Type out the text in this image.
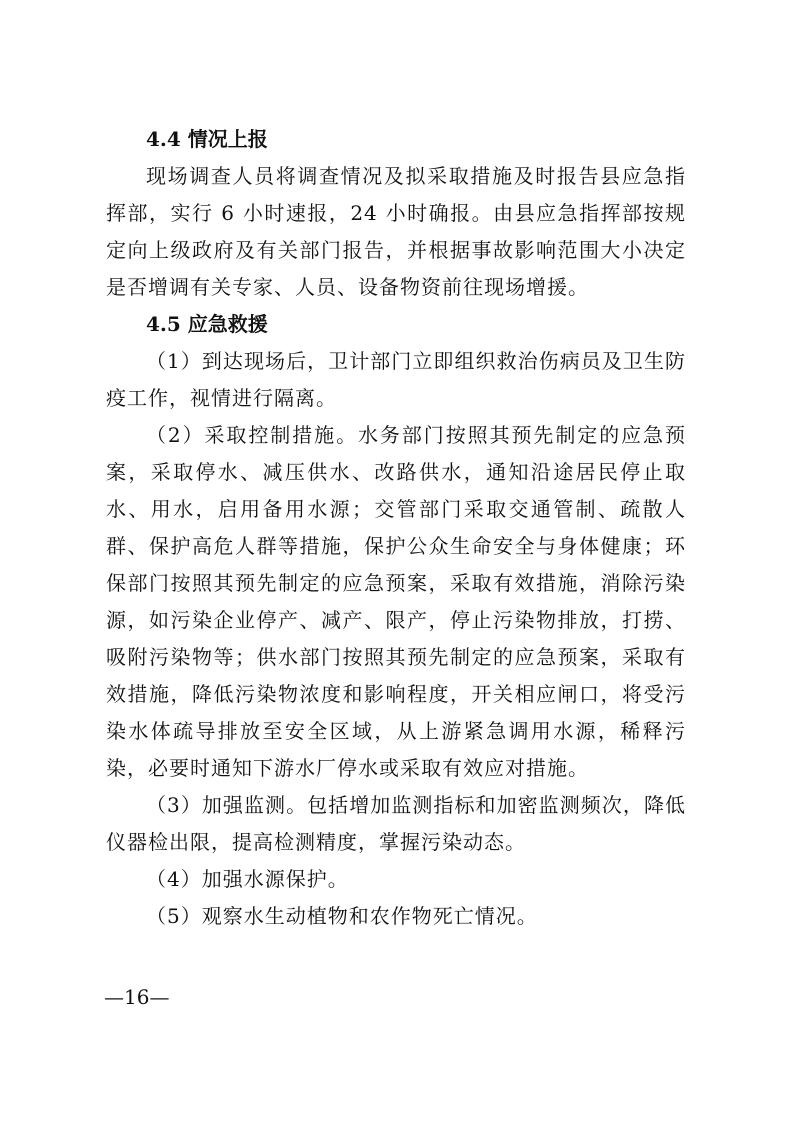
4.4 情况上报

现场调查人员将调查情况及拟采取措施及时报告县应急指挥部，实行 6 小时速报，24 小时确报。由县应急指挥部按规定向上级政府及有关部门报告，并根据事故影响范围大小决定是否增调有关专家、人员、设备物资前往现场增援。

4.5 应急救援

（1）到达现场后，卫计部门立即组织救治伤病员及卫生防疫工作，视情进行隔离。

（2）采取控制措施。水务部门按照其预先制定的应急预案，采取停水、减压供水、改路供水，通知沿途居民停止取水、用水，启用备用水源；交管部门采取交通管制、疏散人群、保护高危人群等措施，保护公众生命安全与身体健康；环保部门按照其预先制定的应急预案，采取有效措施，消除污染源，如污染企业停产、减产、限产，停止污染物排放，打捞、吸附污染物等；供水部门按照其预先制定的应急预案，采取有效措施，降低污染物浓度和影响程度，开关相应闸口，将受污染水体疏导排放至安全区域，从上游紧急调用水源，稀释污染，必要时通知下游水厂停水或采取有效应对措施。

（3）加强监测。包括增加监测指标和加密监测频次，降低仪器检出限，提高检测精度，掌握污染动态。

（4）加强水源保护。

（5）观察水生动植物和农作物死亡情况。

—16—
